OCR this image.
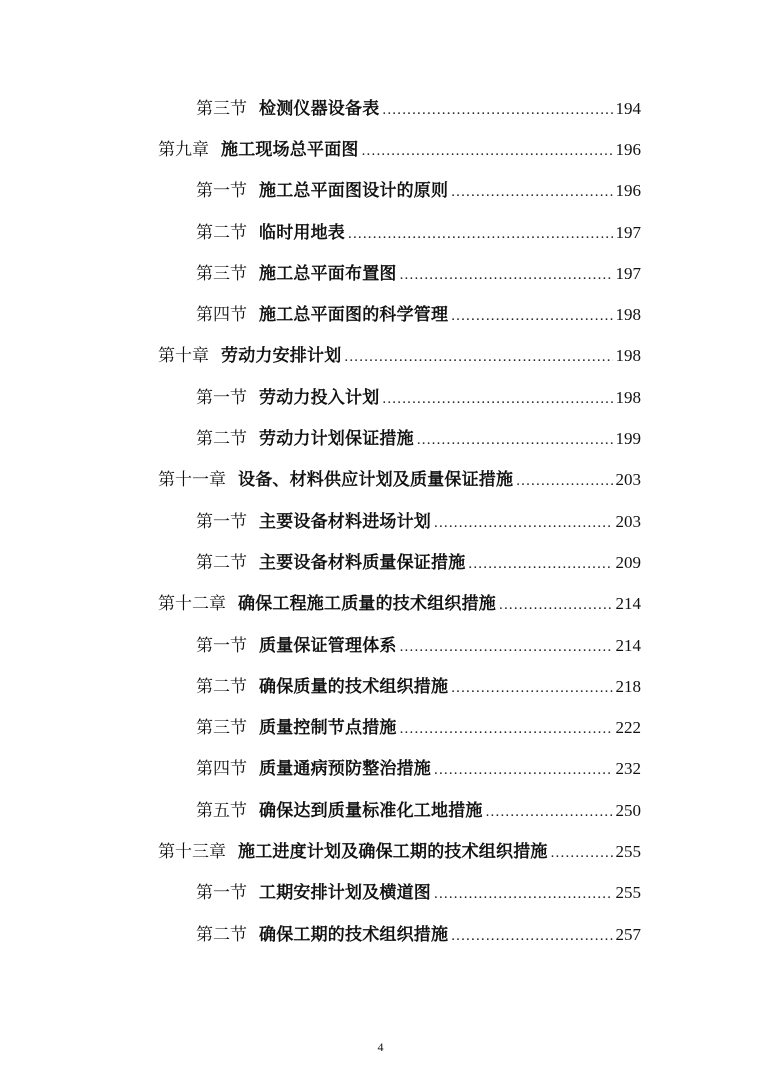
第三节 检测仪器设备表 .....	194
第九章 施工现场总平面图 .....	196
第一节 施工总平面图设计的原则 .....	196
第二节 临时用地表 .....	197
第三节 施工总平面布置图 .....	197
第四节 施工总平面图的科学管理 .....	198
第十章 劳动力安排计划 .....	198
第一节 劳动力投入计划 .....	198
第二节 劳动力计划保证措施 .....	199
第十一章 设备、材料供应计划及质量保证措施 .....	203
第一节 主要设备材料进场计划 .....	203
第二节 主要设备材料质量保证措施 .....	209
第十二章 确保工程施工质量的技术组织措施 .....	214
第一节 质量保证管理体系 .....	214
第二节 确保质量的技术组织措施 .....	218
第三节 质量控制节点措施 .....	222
第四节 质量通病预防整治措施 .....	232
第五节 确保达到质量标准化工地措施 .....	250
第十三章 施工进度计划及确保工期的技术组织措施 .....	255
第一节 工期安排计划及横道图 .....	255
第二节 确保工期的技术组织措施 .....	257
4
